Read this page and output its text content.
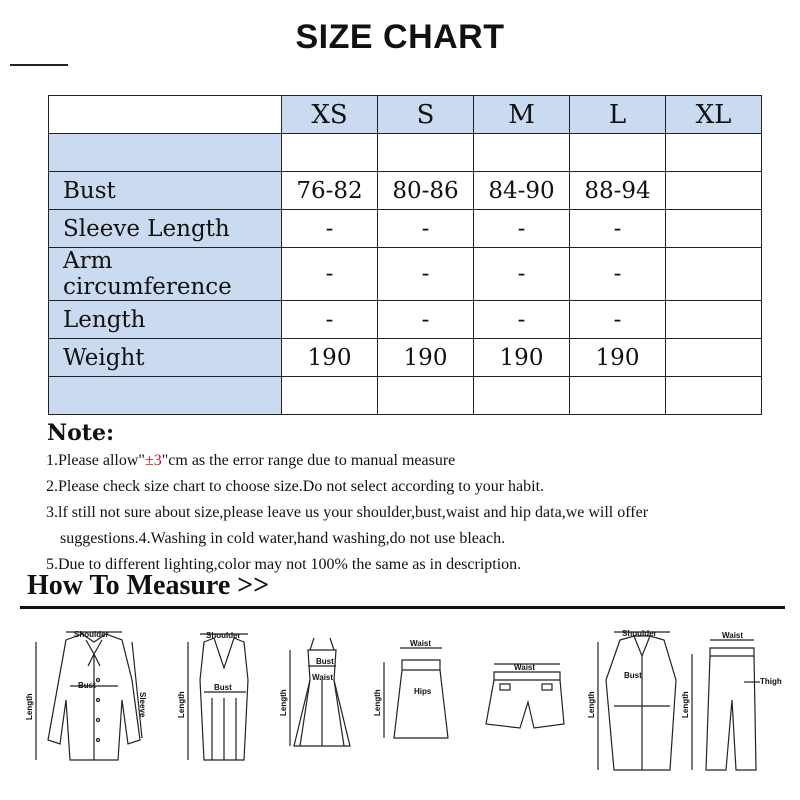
SIZE CHART
	XS	S	M	L	XL

Bust	76-82	80-86	84-90	88-94	
Sleeve Length	-	-	-	-	
Arm circumference	-	-	-	-	
Length	-	-	-	-	
Weight	190	190	190	190	

Note:
1.Please allow"±3"cm as the error range due to manual measure
2.Please check size chart to choose size.Do not select according to your habit.
3.lf still not sure about size,please leave us your shoulder,bust,waist and hip data,we will offer
suggestions.4.Washing in cold water,hand washing,do not use bleach.
5.Due to different lighting,color may not 100% the same as in description.
How To Measure >>
Shoulder
Bust
Length	Sleeve
Shoulder
Bust
Length
Bust
Waist
Length
Waist
Hips
Length
Waist
Shoulder
Bust
Length
Waist
Thigh
Length
